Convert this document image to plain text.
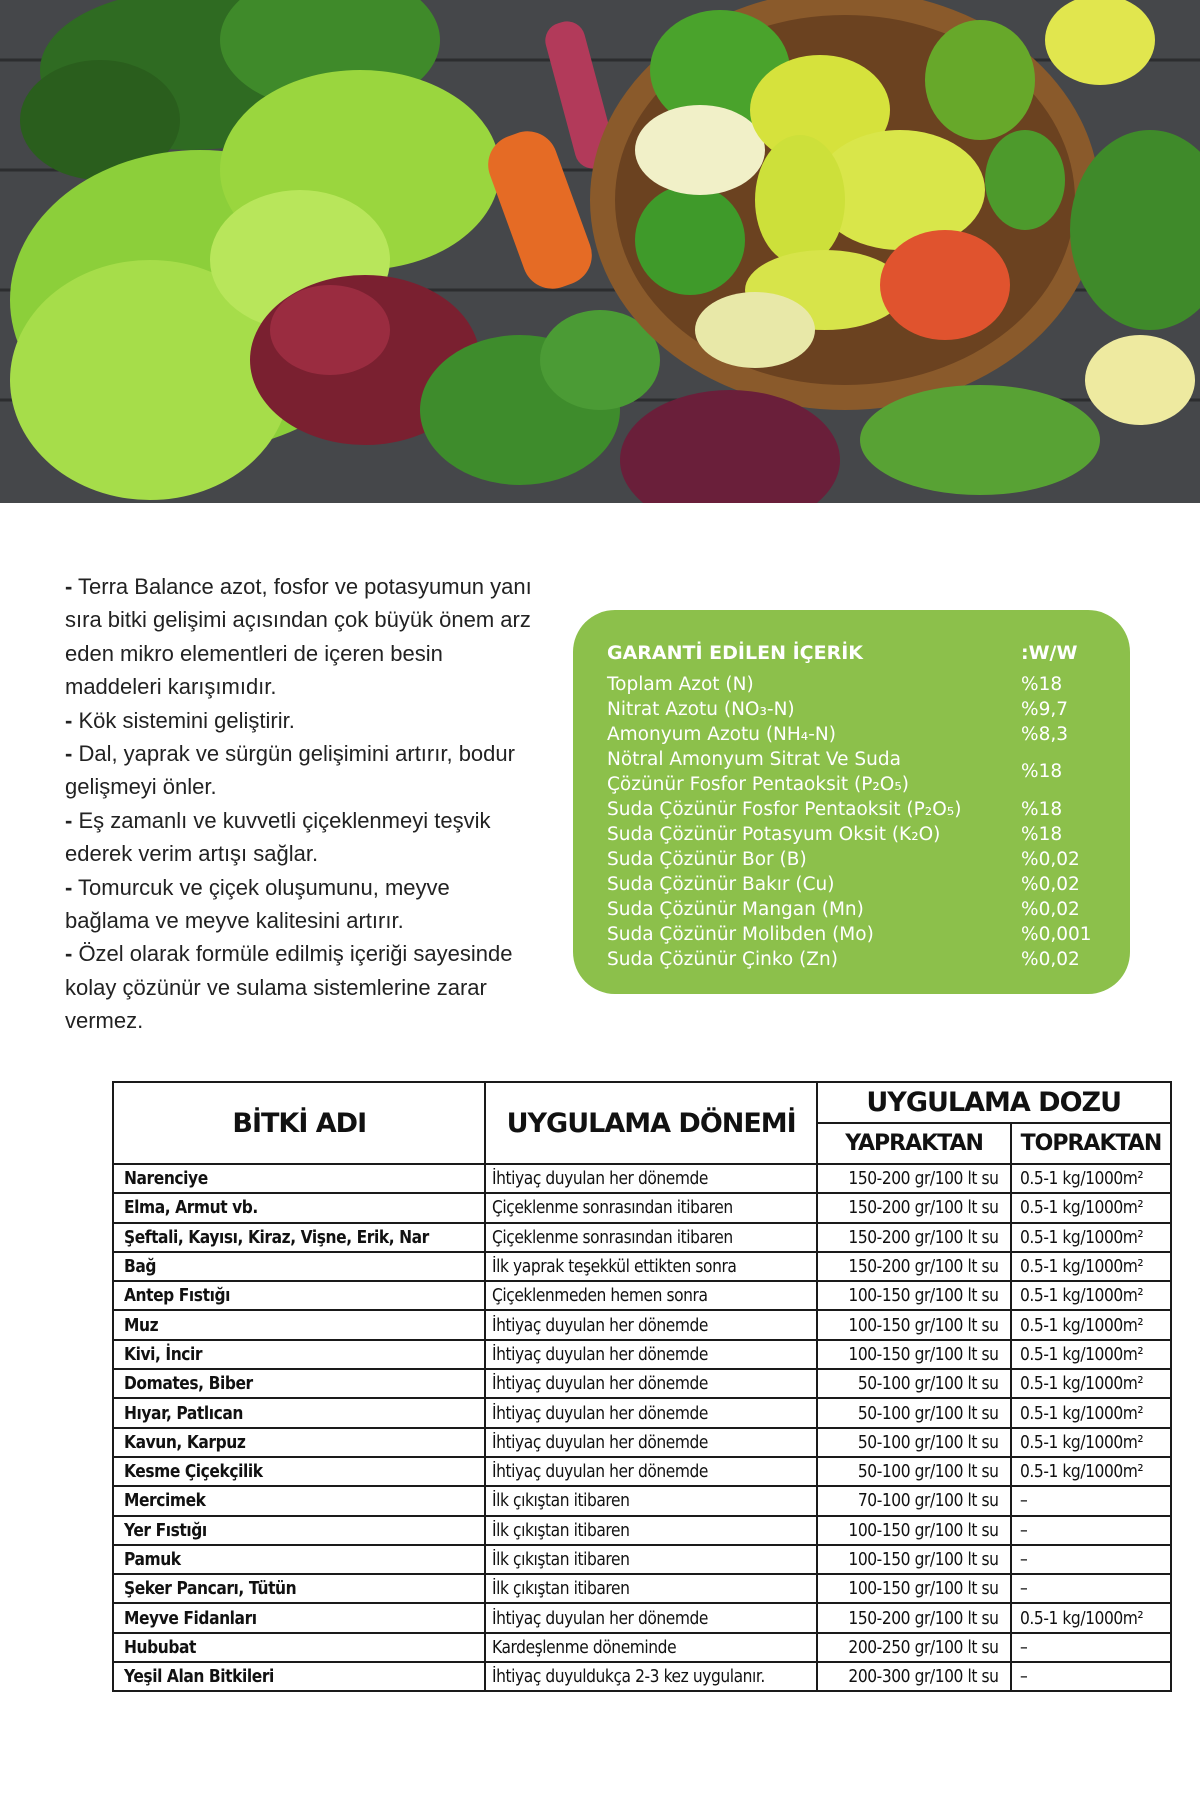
- Terra Balance azot, fosfor ve potasyumun yanı sıra bitki gelişimi açısından çok büyük önem arz eden mikro elementleri de içeren besin maddeleri karışımıdır.

- Kök sistemini geliştirir.

- Dal, yaprak ve sürgün gelişimini artırır, bodur gelişmeyi önler.

- Eş zamanlı ve kuvvetli çiçeklenmeyi teşvik ederek verim artışı sağlar.

- Tomurcuk ve çiçek oluşumunu, meyve bağlama ve meyve kalitesini artırır.

- Özel olarak formüle edilmiş içeriği sayesinde kolay çözünür ve sulama sistemlerine zarar vermez.

GARANTİ EDİLEN İÇERİK	:W/W
Toplam Azot (N)	%18
Nitrat Azotu (NO₃-N)	%9,7
Amonyum Azotu (NH₄-N)	%8,3
Nötral Amonyum Sitrat Ve Suda Çözünür Fosfor Pentaoksit (P₂O₅)
%18
Suda Çözünür Fosfor Pentaoksit (P₂O₅)	%18
Suda Çözünür Potasyum Oksit (K₂O)	%18
Suda Çözünür Bor (B)	%0,02
Suda Çözünür Bakır (Cu)	%0,02
Suda Çözünür Mangan (Mn)	%0,02
Suda Çözünür Molibden (Mo)	%0,001
Suda Çözünür Çinko (Zn)	%0,02
BİTKİ ADI	UYGULAMA DÖNEMİ	UYGULAMA DOZU	
		YAPRAKTAN	TOPRAKTAN
Narenciye	İhtiyaç duyulan her dönemde	150-200 gr/100 lt su	0.5-1 kg/1000m²
Elma, Armut vb.	Çiçeklenme sonrasından itibaren	150-200 gr/100 lt su	0.5-1 kg/1000m²
Şeftali, Kayısı, Kiraz, Vişne, Erik, Nar	Çiçeklenme sonrasından itibaren	150-200 gr/100 lt su	0.5-1 kg/1000m²
Bağ	İlk yaprak teşekkül ettikten sonra	150-200 gr/100 lt su	0.5-1 kg/1000m²
Antep Fıstığı	Çiçeklenmeden hemen sonra	100-150 gr/100 lt su	0.5-1 kg/1000m²
Muz	İhtiyaç duyulan her dönemde	100-150 gr/100 lt su	0.5-1 kg/1000m²
Kivi, İncir	İhtiyaç duyulan her dönemde	100-150 gr/100 lt su	0.5-1 kg/1000m²
Domates, Biber	İhtiyaç duyulan her dönemde	50-100 gr/100 lt su	0.5-1 kg/1000m²
Hıyar, Patlıcan	İhtiyaç duyulan her dönemde	50-100 gr/100 lt su	0.5-1 kg/1000m²
Kavun, Karpuz	İhtiyaç duyulan her dönemde	50-100 gr/100 lt su	0.5-1 kg/1000m²
Kesme Çiçekçilik	İhtiyaç duyulan her dönemde	50-100 gr/100 lt su	0.5-1 kg/1000m²
Mercimek	İlk çıkıştan itibaren	70-100 gr/100 lt su	–
Yer Fıstığı	İlk çıkıştan itibaren	100-150 gr/100 lt su	–
Pamuk	İlk çıkıştan itibaren	100-150 gr/100 lt su	–
Şeker Pancarı, Tütün	İlk çıkıştan itibaren	100-150 gr/100 lt su	–
Meyve Fidanları	İhtiyaç duyulan her dönemde	150-200 gr/100 lt su	0.5-1 kg/1000m²
Hububat	Kardeşlenme döneminde	200-250 gr/100 lt su	–
Yeşil Alan Bitkileri	İhtiyaç duyuldukça 2-3 kez uygulanır.	200-300 gr/100 lt su	–
